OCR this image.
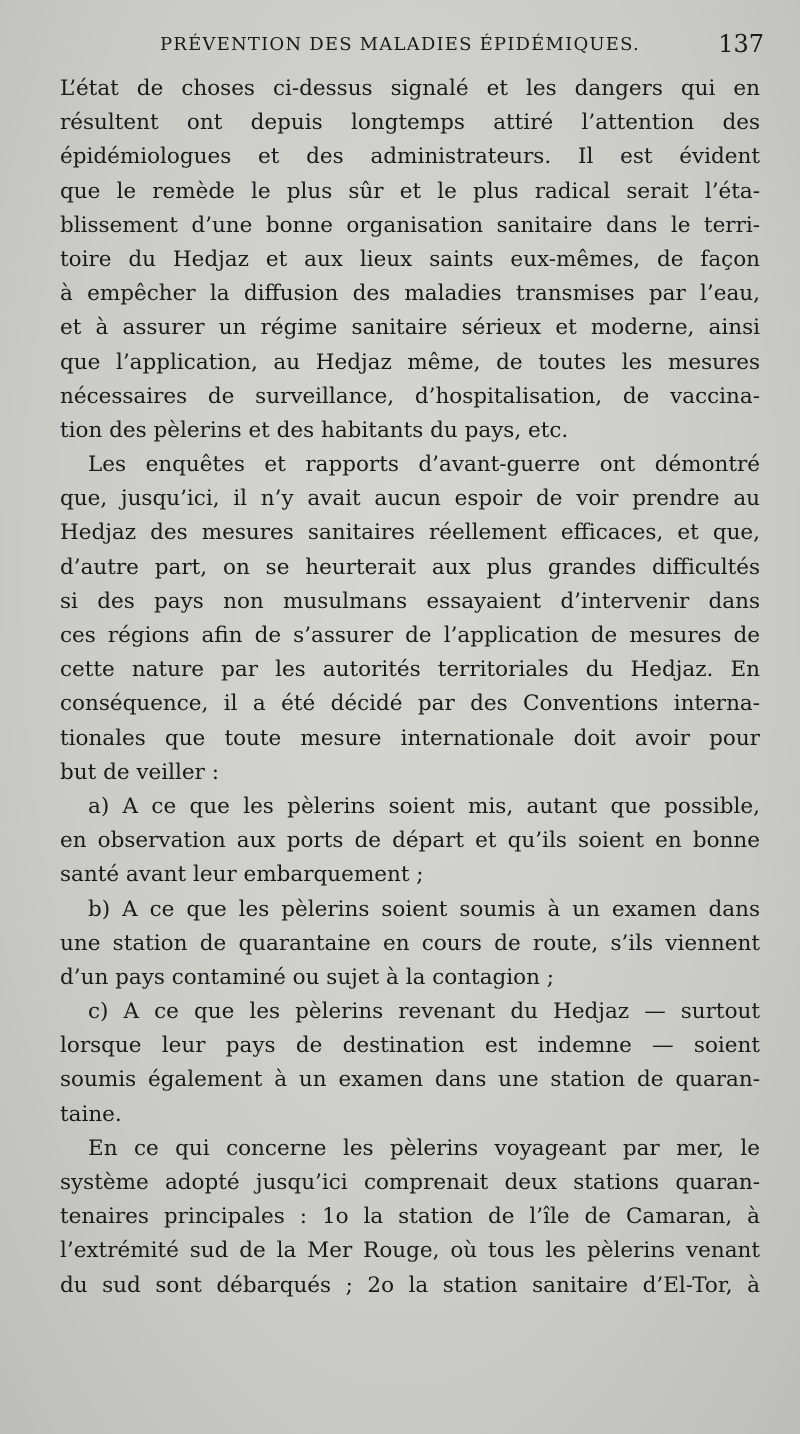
PRÉVENTION DES MALADIES ÉPIDÉMIQUES.	137
L’état de choses ci-dessus signalé et les dangers qui en
résultent ont depuis longtemps attiré l’attention des
épidémiologues et des administrateurs. Il est évident
que le remède le plus sûr et le plus radical serait l’éta-
blissement d’une bonne organisation sanitaire dans le terri-
toire du Hedjaz et aux lieux saints eux-mêmes, de façon
à empêcher la diffusion des maladies transmises par l’eau,
et à assurer un régime sanitaire sérieux et moderne, ainsi
que l’application, au Hedjaz même, de toutes les mesures
nécessaires de surveillance, d’hospitalisation, de vaccina-
tion des pèlerins et des habitants du pays, etc.
Les enquêtes et rapports d’avant-guerre ont démontré
que, jusqu’ici, il n’y avait aucun espoir de voir prendre au
Hedjaz des mesures sanitaires réellement efficaces, et que,
d’autre part, on se heurterait aux plus grandes difficultés
si des pays non musulmans essayaient d’intervenir dans
ces régions afin de s’assurer de l’application de mesures de
cette nature par les autorités territoriales du Hedjaz. En
conséquence, il a été décidé par des Conventions interna-
tionales que toute mesure internationale doit avoir pour
but de veiller :
a) A ce que les pèlerins soient mis, autant que possible,
en observation aux ports de départ et qu’ils soient en bonne
santé avant leur embarquement ;
b) A ce que les pèlerins soient soumis à un examen dans
une station de quarantaine en cours de route, s’ils viennent
d’un pays contaminé ou sujet à la contagion ;
c) A ce que les pèlerins revenant du Hedjaz — surtout
lorsque leur pays de destination est indemne — soient
soumis également à un examen dans une station de quaran-
taine.
En ce qui concerne les pèlerins voyageant par mer, le
système adopté jusqu’ici comprenait deux stations quaran-
tenaires principales : 1o la station de l’île de Camaran, à
l’extrémité sud de la Mer Rouge, où tous les pèlerins venant
du sud sont débarqués ; 2o la station sanitaire d’El-Tor, à
